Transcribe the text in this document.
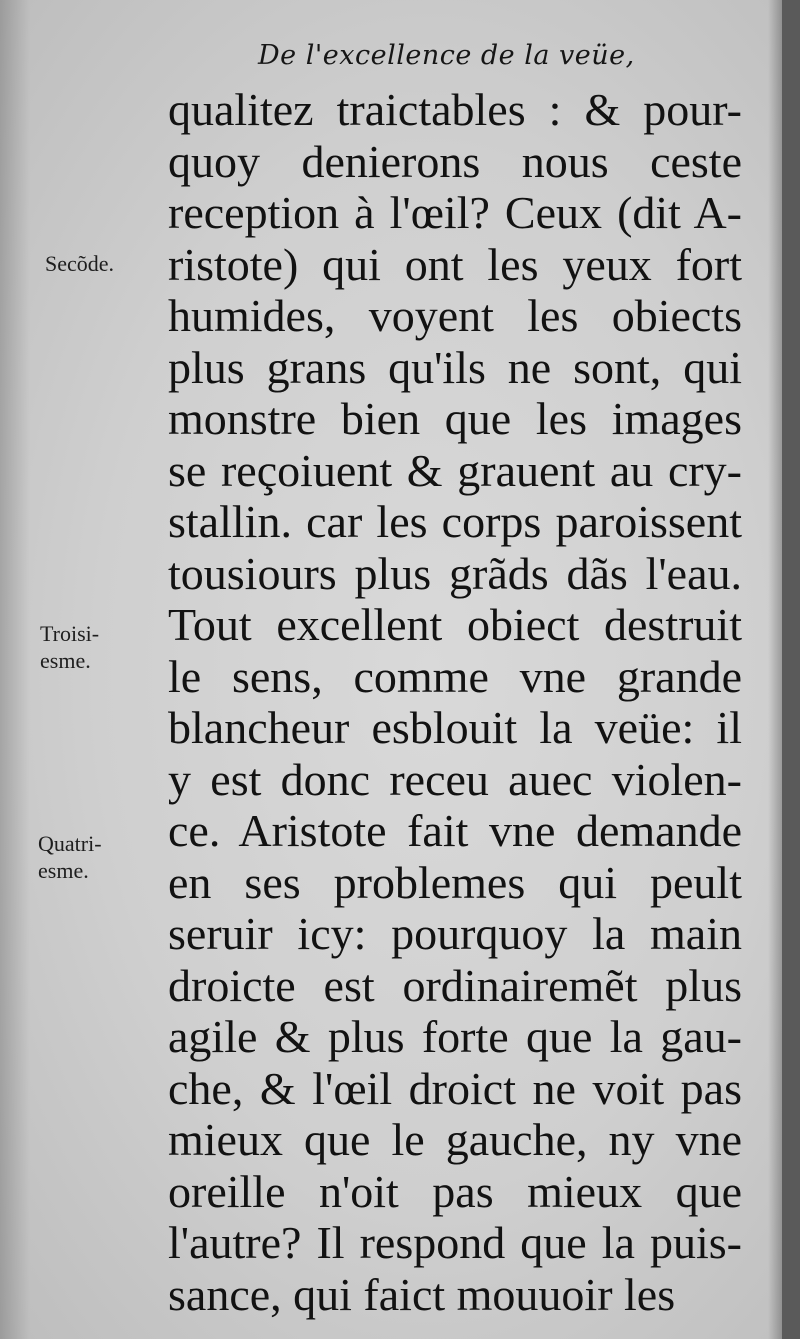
De l'excellence de la veüe,
qualitez traictables : & pour-
quoy denierons nous ceste
reception à l'œil? Ceux (dit A-
ristote) qui ont les yeux fort
humides, voyent les obiects
plus grans qu'ils ne sont, qui
monstre bien que les images
se reçoiuent & grauent au cry-
stallin. car les corps paroissent
tousiours plus grãds dãs l'eau.
Tout excellent obiect destruit
le sens, comme vne grande
blancheur esblouit la veüe: il
y est donc receu auec violen-
ce. Aristote fait vne demande
en ses problemes qui peult
seruir icy: pourquoy la main
droicte est ordinairemẽt plus
agile & plus forte que la gau-
che, & l'œil droict ne voit pas
mieux que le gauche, ny vne
oreille n'oit pas mieux que
l'autre? Il respond que la puis-
sance, qui faict mouuoir les
Secõde.
Troisi-
esme.
Quatri-
esme.
